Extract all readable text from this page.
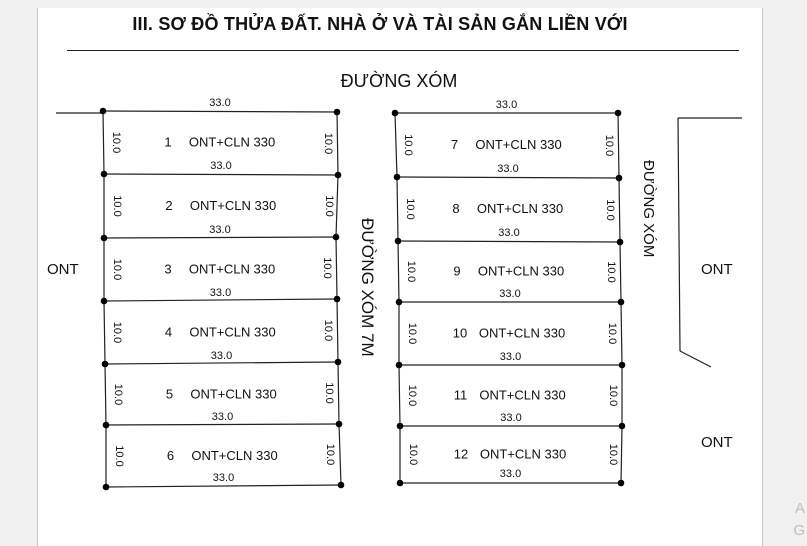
III. SƠ ĐỒ THỬA ĐẤT. NHÀ Ở VÀ TÀI SẢN GẮN LIỀN VỚI
ĐƯỜNG XÓM
ĐƯỜNG XÓM 7M
ĐƯỜNG XÓM
ONT	ONT
ONT
33.0
1 ONT+CLN 330
10.0	10.0
33.0
2 ONT+CLN 330
10.0	10.0
33.0
3 ONT+CLN 330
10.0	10.0
33.0
4 ONT+CLN 330
10.0	10.0
33.0
5 ONT+CLN 330
10.0	10.0
33.0
6 ONT+CLN 330
10.0	10.0
33.0
33.0
7 ONT+CLN 330
10.0	10.0
33.0
8 ONT+CLN 330
10.0	10.0
33.0
9 ONT+CLN 330
10.0	10.0
33.0
10 ONT+CLN 330
10.0	10.0
33.0
11 ONT+CLN 330
10.0	10.0
33.0
12 ONT+CLN 330
10.0	10.0
33.0
A
G
